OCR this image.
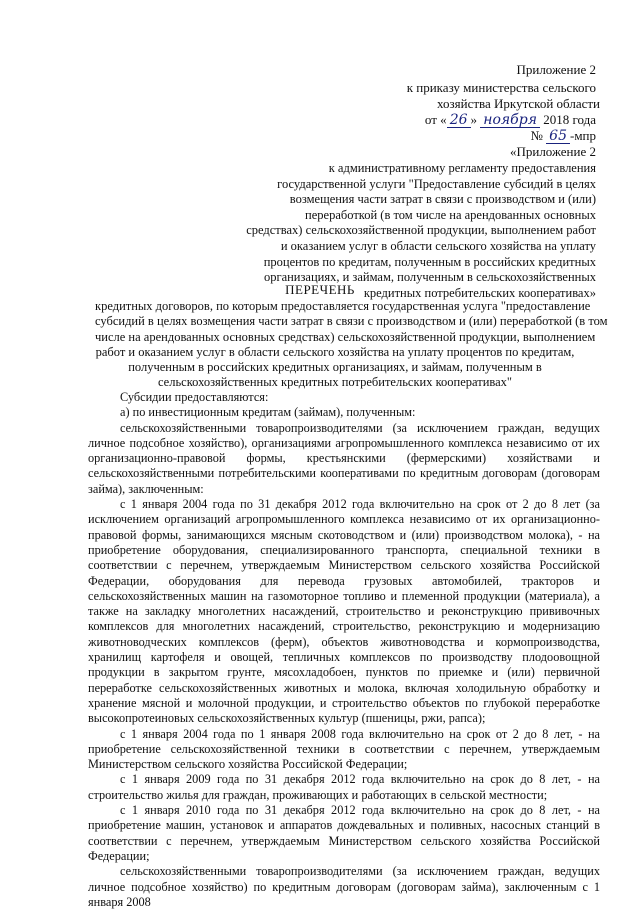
Приложение 2
к приказу министерства сельского
хозяйства Иркутской области
от « 26 » ноября 2018 года
№ 65 -мпр
«Приложение 2
к административному регламенту предоставления
государственной услуги "Предоставление субсидий в целях
возмещения части затрат в связи с производством и (или)
переработкой (в том числе на арендованных основных
средствах) сельскохозяйственной продукции, выполнением работ
и оказанием услуг в области сельского хозяйства на уплату
процентов по кредитам, полученным в российских кредитных
организациях, и займам, полученным в сельскохозяйственных
кредитных потребительских кооперативах»
ПЕРЕЧЕНЬ
кредитных договоров, по которым предоставляется государственная услуга "предоставление
субсидий в целях возмещения части затрат в связи с производством и (или) переработкой (в том
числе на арендованных основных средствах) сельскохозяйственной продукции, выполнением
работ и оказанием услуг в области сельского хозяйства на уплату процентов по кредитам,
полученным в российских кредитных организациях, и займам, полученным в
сельскохозяйственных кредитных потребительских кооперативах"

Субсидии предоставляются:

а) по инвестиционным кредитам (займам), полученным:

сельскохозяйственными товаропроизводителями (за исключением граждан, ведущих личное подсобное хозяйство), организациями агропромышленного комплекса независимо от их организационно-правовой формы, крестьянскими (фермерскими) хозяйствами и сельскохозяйственными потребительскими кооперативами по кредитным договорам (договорам займа), заключенным:

с 1 января 2004 года по 31 декабря 2012 года включительно на срок от 2 до 8 лет (за исключением организаций агропромышленного комплекса независимо от их организационно-правовой формы, занимающихся мясным скотоводством и (или) производством молока), - на приобретение оборудования, специализированного транспорта, специальной техники в соответствии с перечнем, утверждаемым Министерством сельского хозяйства Российской Федерации, оборудования для перевода грузовых автомобилей, тракторов и сельскохозяйственных машин на газомоторное топливо и племенной продукции (материала), а также на закладку многолетних насаждений, строительство и реконструкцию прививочных комплексов для многолетних насаждений, строительство, реконструкцию и модернизацию животноводческих комплексов (ферм), объектов животноводства и кормопроизводства, хранилищ картофеля и овощей, тепличных комплексов по производству плодоовощной продукции в закрытом грунте, мясохладобоен, пунктов по приемке и (или) первичной переработке сельскохозяйственных животных и молока, включая холодильную обработку и хранение мясной и молочной продукции, и строительство объектов по глубокой переработке высокопротеиновых сельскохозяйственных культур (пшеницы, ржи, рапса);

с 1 января 2004 года по 1 января 2008 года включительно на срок от 2 до 8 лет, - на приобретение сельскохозяйственной техники в соответствии с перечнем, утверждаемым Министерством сельского хозяйства Российской Федерации;

с 1 января 2009 года по 31 декабря 2012 года включительно на срок до 8 лет, - на строительство жилья для граждан, проживающих и работающих в сельской местности;

с 1 января 2010 года по 31 декабря 2012 года включительно на срок до 8 лет, - на приобретение машин, установок и аппаратов дождевальных и поливных, насосных станций в соответствии с перечнем, утверждаемым Министерством сельского хозяйства Российской Федерации;

сельскохозяйственными товаропроизводителями (за исключением граждан, ведущих личное подсобное хозяйство) по кредитным договорам (договорам займа), заключенным с 1 января 2008
